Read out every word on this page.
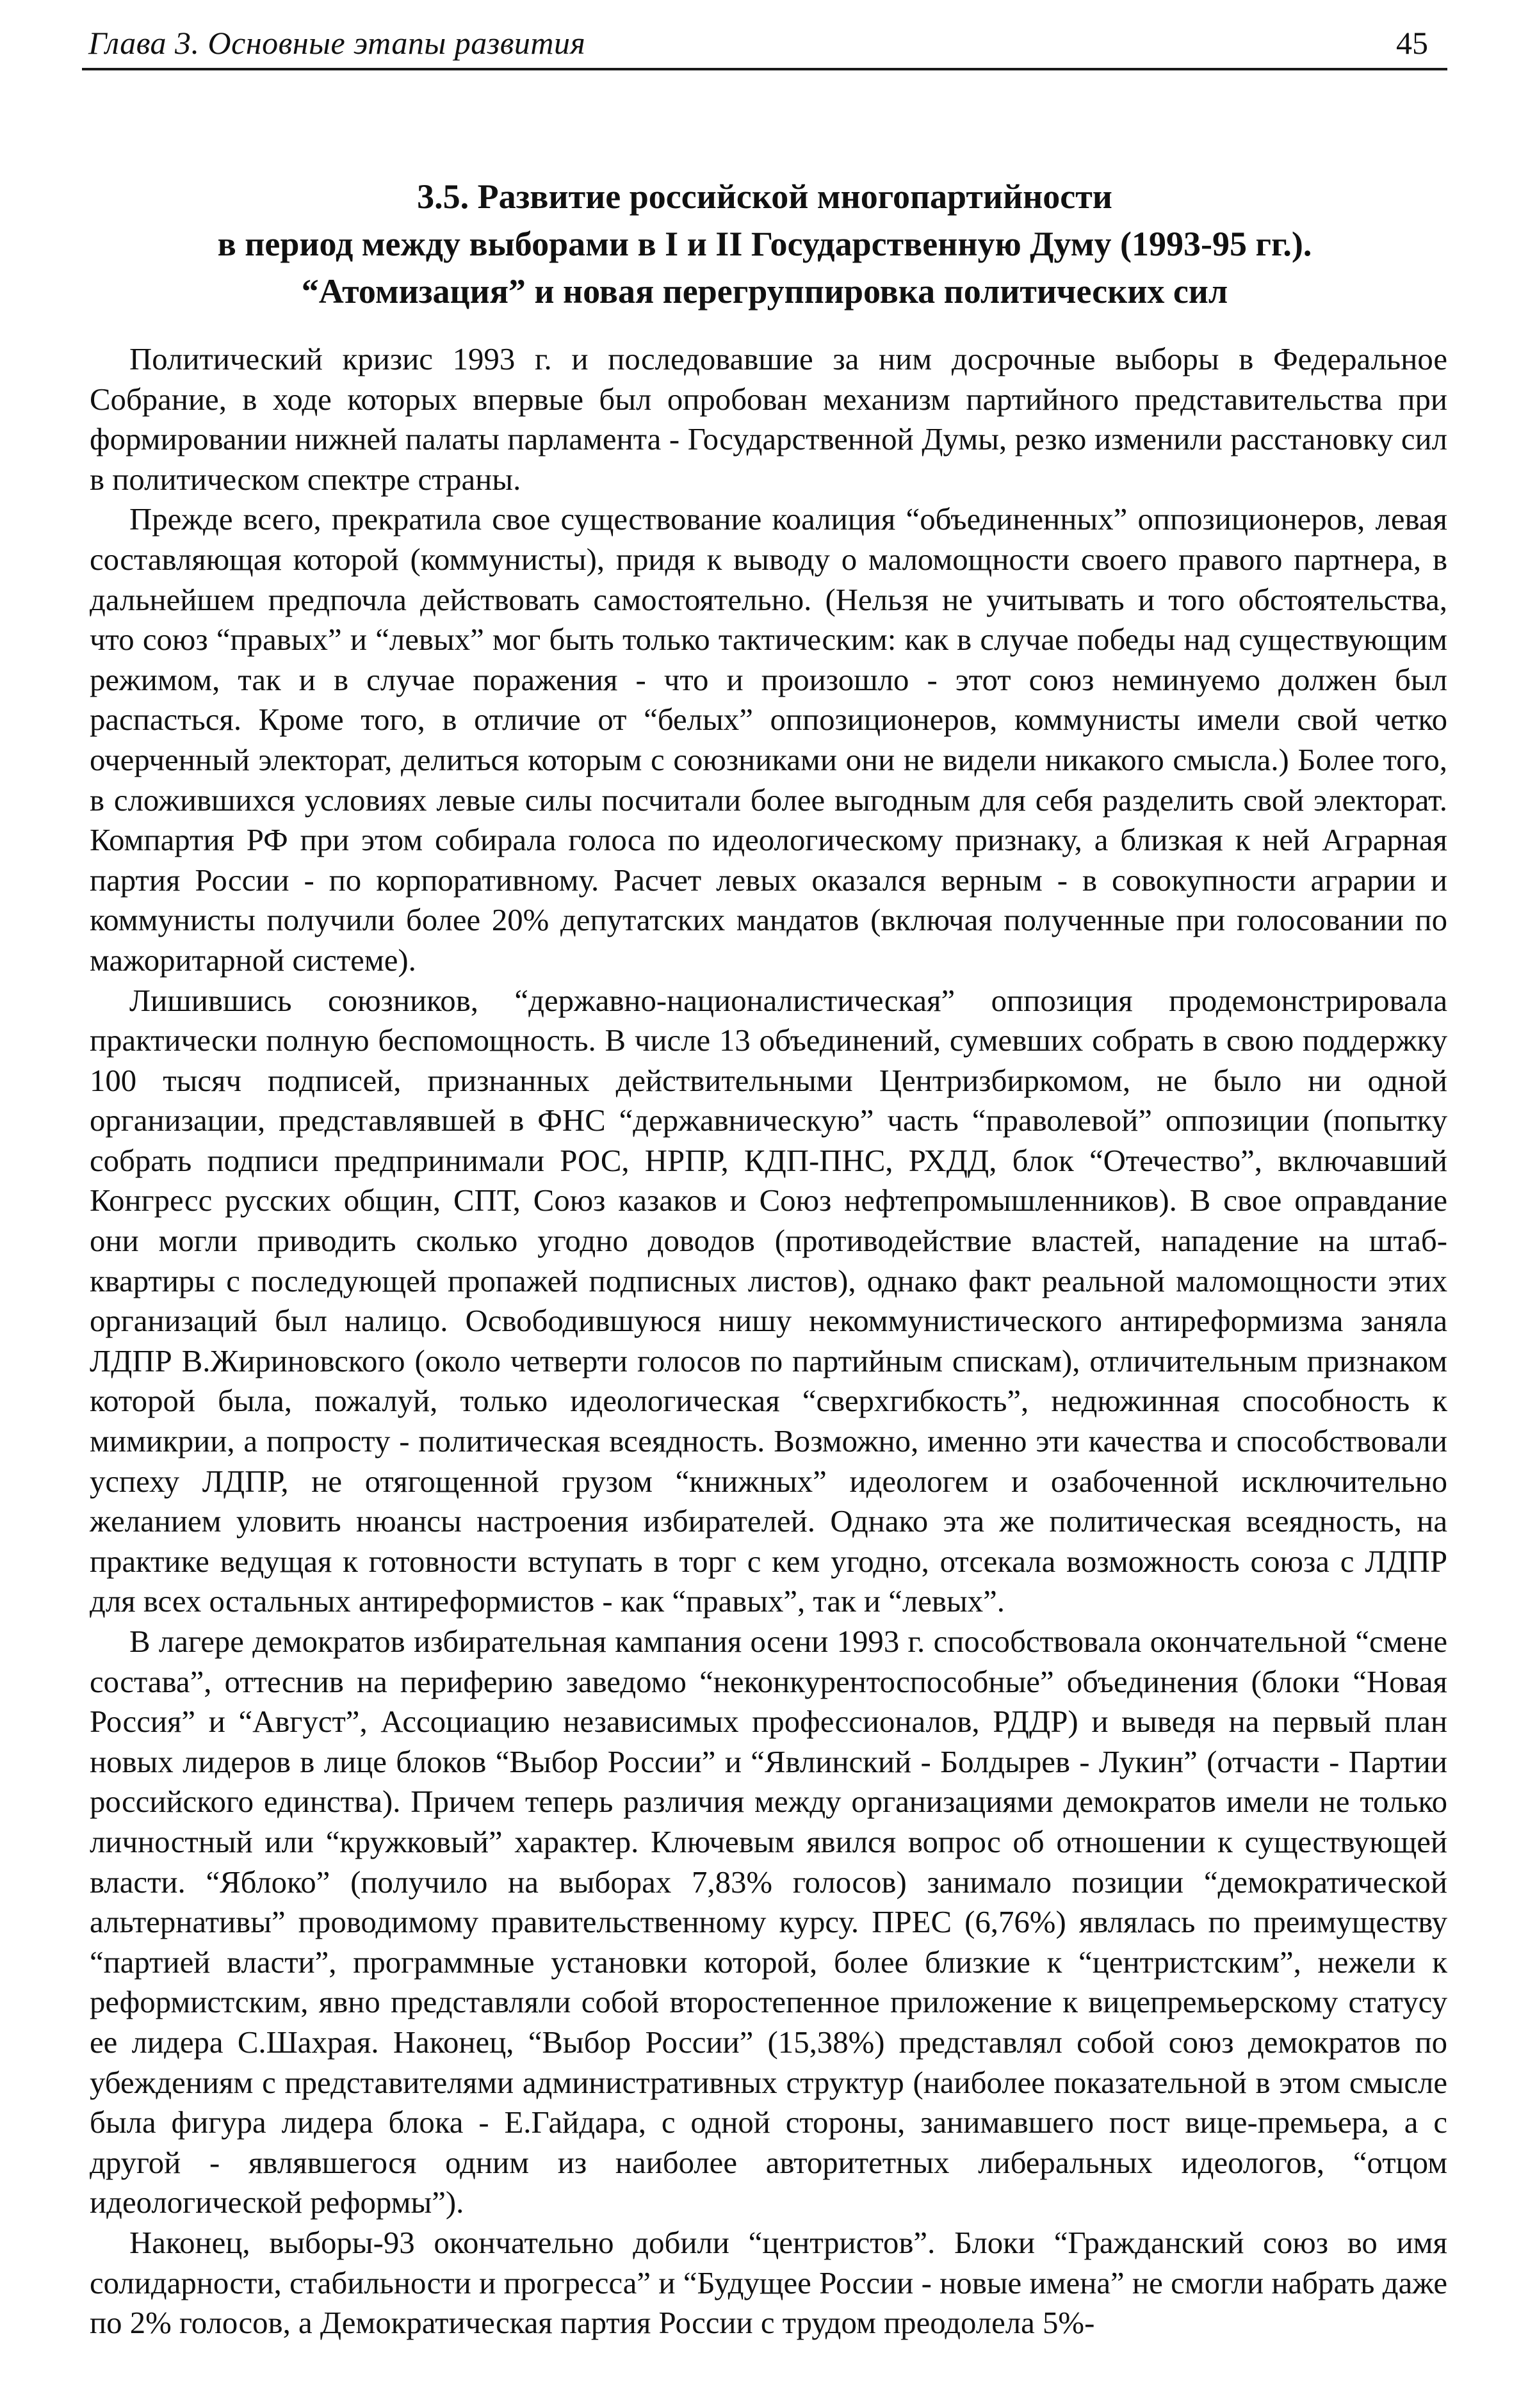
Глава 3. Основные этапы развития	45
3.5. Развитие российской многопартийности
в период между выборами в I и II Государственную Думу (1993-95 гг.).
“Атомизация” и новая перегруппировка политических сил

Политический кризис 1993 г. и последовавшие за ним досрочные выборы в Федеральное Собрание, в ходе которых впервые был опробован механизм партийного представительства при формировании нижней палаты парламента - Государственной Думы, резко изменили расстановку сил в политическом спектре страны.

Прежде всего, прекратила свое существование коалиция “объединенных” оппозиционеров, левая составляющая которой (коммунисты), придя к выводу о маломощности своего правого партнера, в дальнейшем предпочла действовать самостоятельно. (Нельзя не учитывать и того обстоятельства, что союз “правых” и “левых” мог быть только тактическим: как в случае победы над существующим режимом, так и в случае поражения - что и произошло - этот союз неминуемо должен был распасться. Кроме того, в отличие от “белых” оппозиционеров, коммунисты имели свой четко очерченный электорат, делиться которым с союзниками они не видели никакого смысла.) Более того, в сложившихся условиях левые силы посчитали более выгодным для себя разделить свой электорат. Компартия РФ при этом собирала голоса по идеологическому признаку, а близкая к ней Аграрная партия России - по корпоративному. Расчет левых оказался верным - в совокупности аграрии и коммунисты получили более 20% депутатских мандатов (включая полученные при голосовании по мажоритарной системе).

Лишившись союзников, “державно-националистическая” оппозиция продемонстрировала практически полную беспомощность. В числе 13 объединений, сумевших собрать в свою поддержку 100 тысяч подписей, признанных действительными Центризбиркомом, не было ни одной организации, представлявшей в ФНС “державническую” часть “праволевой” оппозиции (попытку собрать подписи предпринимали РОС, НРПР, КДП-ПНС, РХДД, блок “Отечество”, включавший Конгресс русских общин, СПТ, Союз казаков и Союз нефтепромышленников). В свое оправдание они могли приводить сколько угодно доводов (противодействие властей, нападение на штаб-квартиры с последующей пропажей подписных листов), однако факт реальной маломощности этих организаций был налицо. Освободившуюся нишу некоммунистического антиреформизма заняла ЛДПР В.Жириновского (около четверти голосов по партийным спискам), отличительным признаком которой была, пожалуй, только идеологическая “сверхгибкость”, недюжинная способность к мимикрии, а попросту - политическая всеядность. Возможно, именно эти качества и способствовали успеху ЛДПР, не отягощенной грузом “книжных” идеологем и озабоченной исключительно желанием уловить нюансы настроения избирателей. Однако эта же политическая всеядность, на практике ведущая к готовности вступать в торг с кем угодно, отсекала возможность союза с ЛДПР для всех остальных антиреформистов - как “правых”, так и “левых”.

В лагере демократов избирательная кампания осени 1993 г. способствовала окончательной “смене состава”, оттеснив на периферию заведомо “неконкурентоспособные” объединения (блоки “Новая Россия” и “Август”, Ассоциацию независимых профессионалов, РДДР) и выведя на первый план новых лидеров в лице блоков “Выбор России” и “Явлинский - Болдырев - Лукин” (отчасти - Партии российского единства). Причем теперь различия между организациями демократов имели не только личностный или “кружковый” характер. Ключевым явился вопрос об отношении к существующей власти. “Яблоко” (получило на выборах 7,83% голосов) занимало позиции “демократической альтернативы” проводимому правительственному курсу. ПРЕС (6,76%) являлась по преимуществу “партией власти”, программные установки которой, более близкие к “центристским”, нежели к реформистским, явно представляли собой второстепенное приложение к вицепремьерскому статусу ее лидера С.Шахрая. Наконец, “Выбор России” (15,38%) представлял собой союз демократов по убеждениям с представителями административных структур (наиболее показательной в этом смысле была фигура лидера блока - Е.Гайдара, с одной стороны, занимавшего пост вице-премьера, а с другой - являвшегося одним из наиболее авторитетных либеральных идеологов, “отцом идеологической реформы”).

Наконец, выборы-93 окончательно добили “центристов”. Блоки “Гражданский союз во имя солидарности, стабильности и прогресса” и “Будущее России - новые имена” не смогли набрать даже по 2% голосов, а Демократическая партия России с трудом преодолела 5%-
